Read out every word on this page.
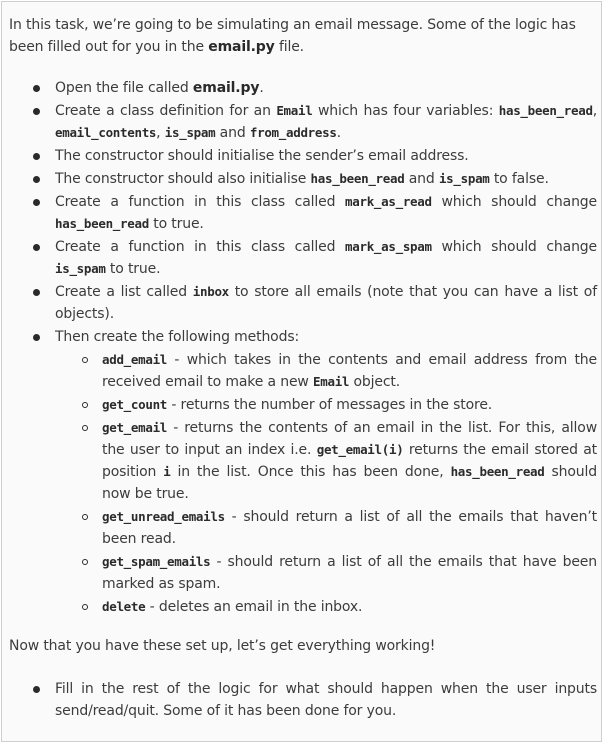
In this task, we’re going to be simulating an email message. Some of the logic has been filled out for you in the email.py file.

Open the file called email.py.
Create a class definition for an Email which has four variables: has_been_read, email_contents, is_spam and from_address.
The constructor should initialise the sender’s email address.
The constructor should also initialise has_been_read and is_spam to false.
Create a function in this class called mark_as_read which should change has_been_read to true.
Create a function in this class called mark_as_spam which should change is_spam to true.
Create a list called inbox to store all emails (note that you can have a list of objects).
Then create the following methods:
add_email - which takes in the contents and email address from the received email to make a new Email object.
get_count - returns the number of messages in the store.
get_email - returns the contents of an email in the list. For this, allow the user to input an index i.e. get_email(i) returns the email stored at position i in the list. Once this has been done, has_been_read should now be true.
get_unread_emails - should return a list of all the emails that haven’t been read.
get_spam_emails - should return a list of all the emails that have been marked as spam.
delete - deletes an email in the inbox.

Now that you have these set up, let’s get everything working!

Fill in the rest of the logic for what should happen when the user inputs send/read/quit. Some of it has been done for you.
